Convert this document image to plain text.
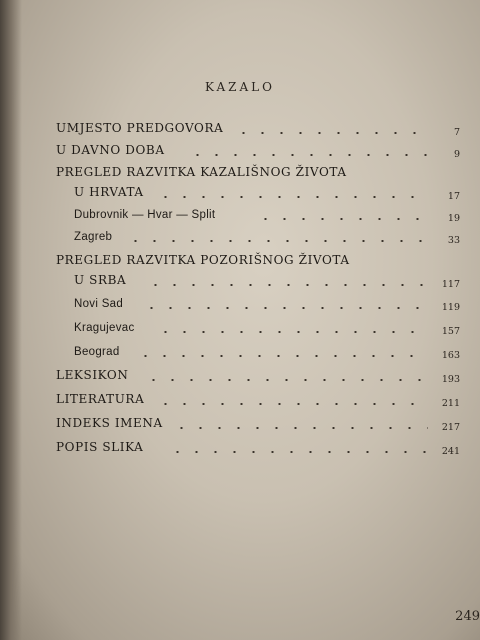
KAZALO
UMJESTO PREDGOVORA	7
U DAVNO DOBA	9
PREGLED RAZVITKA KAZALIŠNOG ŽIVOTA
U HRVATA	17
Dubrovnik — Hvar — Split	19
Zagreb	33
PREGLED RAZVITKA POZORIŠNOG ŽIVOTA
U SRBA	117
Novi Sad	119
Kragujevac	157
Beograd	163
LEKSIKON	193
LITERATURA	211
INDEKS IMENA	217
POPIS SLIKA	241
249
